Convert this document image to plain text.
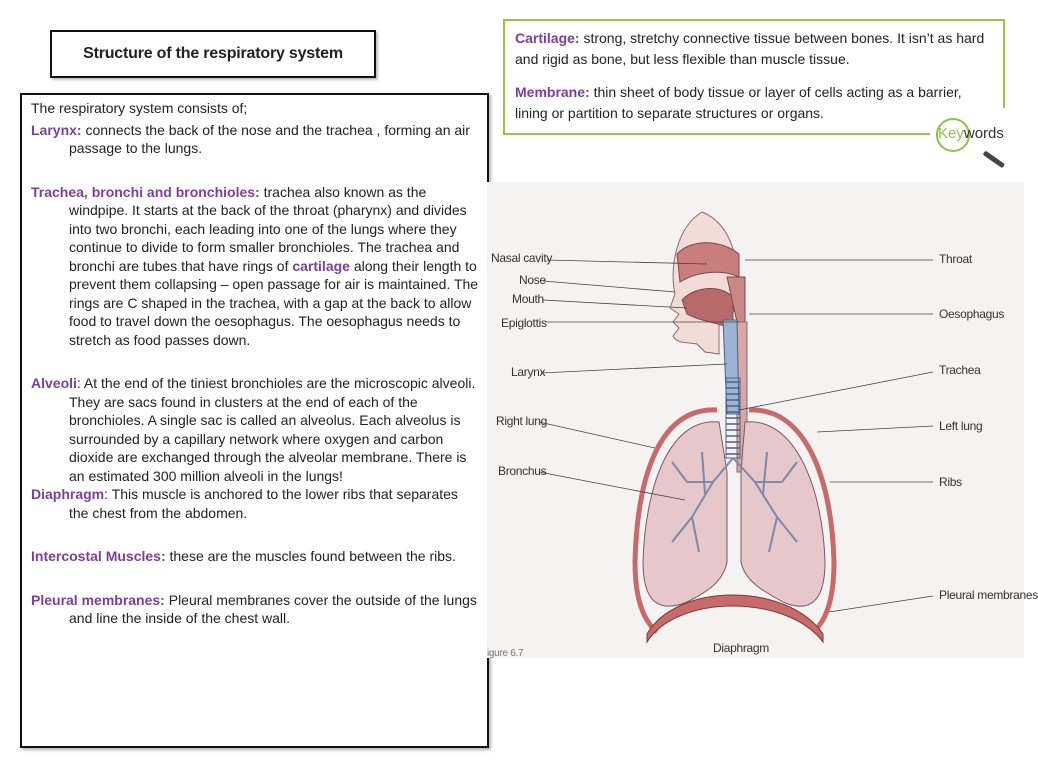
Structure of the respiratory system

Cartilage: strong, stretchy connective tissue between bones. It isn’t as hard and rigid as bone, but less flexible than muscle tissue.

Membrane: thin sheet of body tissue or layer of cells acting as a barrier, lining or partition to separate structures or organs.

Keywords

The respiratory system consists of;

Larynx: connects the back of the nose and the trachea , forming an air passage to the lungs.

Trachea, bronchi and bronchioles: trachea also known as the windpipe. It starts at the back of the throat (pharynx) and divides into two bronchi, each leading into one of the lungs where they continue to divide to form smaller bronchioles. The trachea and bronchi are tubes that have rings of cartilage along their length to prevent them collapsing – open passage for air is maintained. The rings are C shaped in the trachea, with a gap at the back to allow food to travel down the oesophagus. The oesophagus needs to stretch as food passes down.

Alveoli: At the end of the tiniest bronchioles are the microscopic alveoli. They are sacs found in clusters at the end of each of the bronchioles. A single sac is called an alveolus. Each alveolus is surrounded by a capillary network where oxygen and carbon dioxide are exchanged through the alveolar membrane. There is an estimated 300 million alveoli in the lungs!

Diaphragm: This muscle is anchored to the lower ribs that separates the chest from the abdomen.

Intercostal Muscles: these are the muscles found between the ribs.

Pleural membranes: Pleural membranes cover the outside of the lungs and line the inside of the chest wall.

Nasal cavity
Nose
Mouth
Epiglottis
Larynx
Right lung
Bronchus
Throat
Oesophagus
Trachea
Left lung
Ribs
Pleural membranes
Diaphragm
igure 6.7
